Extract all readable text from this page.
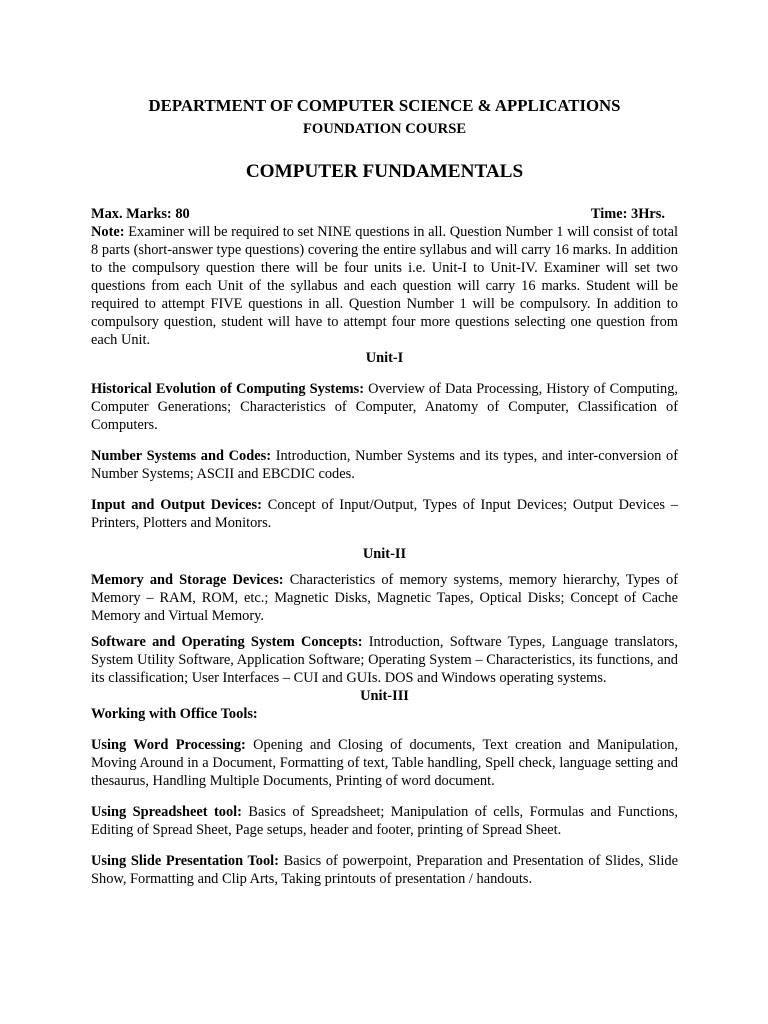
DEPARTMENT OF COMPUTER SCIENCE & APPLICATIONS
FOUNDATION COURSE
COMPUTER FUNDAMENTALS
Max. Marks: 80	Time: 3Hrs.

Note: Examiner will be required to set NINE questions in all. Question Number 1 will consist of total 8 parts (short-answer type questions) covering the entire syllabus and will carry 16 marks. In addition to the compulsory question there will be four units i.e. Unit-I to Unit-IV. Examiner will set two questions from each Unit of the syllabus and each question will carry 16 marks. Student will be required to attempt FIVE questions in all. Question Number 1 will be compulsory. In addition to compulsory question, student will have to attempt four more questions selecting one question from each Unit.

Unit-I

Historical Evolution of Computing Systems: Overview of Data Processing, History of Computing, Computer Generations; Characteristics of Computer, Anatomy of Computer, Classification of Computers.

Number Systems and Codes: Introduction, Number Systems and its types, and inter-conversion of Number Systems; ASCII and EBCDIC codes.

Input and Output Devices: Concept of Input/Output, Types of Input Devices; Output Devices – Printers, Plotters and Monitors.

Unit-II

Memory and Storage Devices: Characteristics of memory systems, memory hierarchy, Types of Memory – RAM, ROM, etc.; Magnetic Disks, Magnetic Tapes, Optical Disks; Concept of Cache Memory and Virtual Memory.

Software and Operating System Concepts: Introduction, Software Types, Language translators, System Utility Software, Application Software; Operating System – Characteristics, its functions, and its classification; User Interfaces – CUI and GUIs. DOS and Windows operating systems.

Unit-III
Working with Office Tools:

Using Word Processing: Opening and Closing of documents, Text creation and Manipulation, Moving Around in a Document, Formatting of text, Table handling, Spell check, language setting and thesaurus, Handling Multiple Documents, Printing of word document.

Using Spreadsheet tool: Basics of Spreadsheet; Manipulation of cells, Formulas and Functions, Editing of Spread Sheet, Page setups, header and footer, printing of Spread Sheet.

Using Slide Presentation Tool: Basics of powerpoint, Preparation and Presentation of Slides, Slide Show, Formatting and Clip Arts, Taking printouts of presentation / handouts.
